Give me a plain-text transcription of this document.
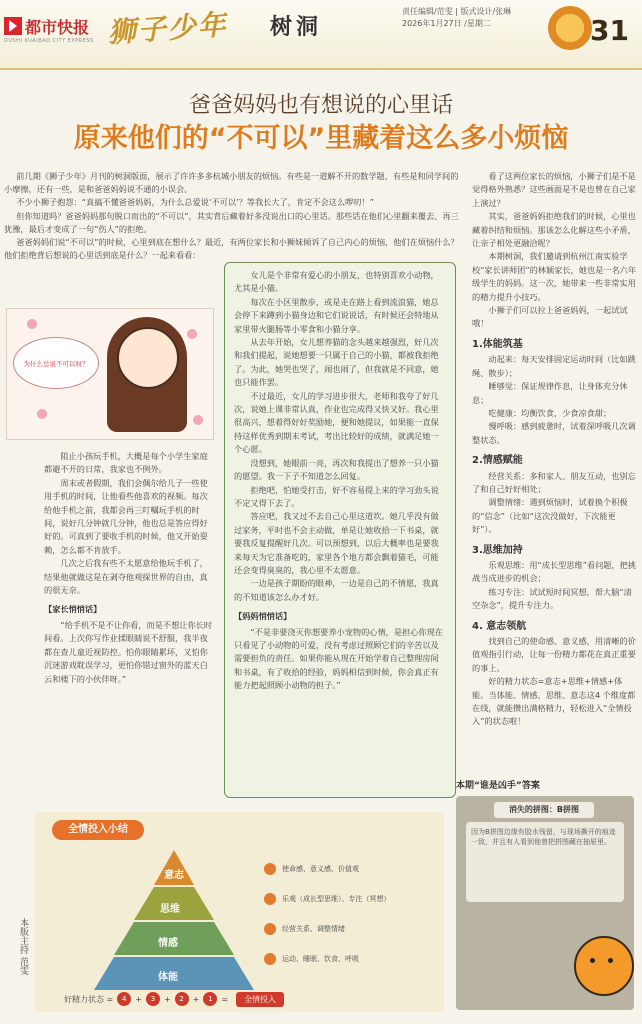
都市快报
DUSHI KUAIBAO CITY EXPRESS 狮子少年	树洞
责任编辑/范雯 | 版式设计/张琳
2026年1月27日 /星期二	31
爸爸妈妈也有想说的心里话
原来他们的“不可以”里藏着这么多小烦恼

前几期《狮子少年》月刊的树洞版面，展示了许许多多杭城小朋友的烦恼。有些是一道解不开的数学题，有些是和同学间的小摩擦，还有一些，是和爸爸妈妈说不通的小误会。

不少小狮子抱怨：“真搞不懂爸爸妈妈，为什么总爱说‘不可以’？等我长大了，肯定不会这么啰叨！”

但你知道吗？爸爸妈妈那句脱口而出的“不可以”，其实背后藏着好多没说出口的心里话。那些话在他们心里翻来覆去、再三犹豫，最后才变成了一句“伤人”的拒绝。

爸爸妈妈们说“不可以”的时候，心里到底在想什么？最近，有两位家长和小狮妹倾诉了自己内心的烦恼，他们在烦恼什么？他们拒绝背后想说的心里话到底是什么？一起来看看：

为什么总说不可以呀？

阻止小孩玩手机，大概是每个小学生家庭都避不开的日常，我家也不例外。

周末或者假期，我们会偶尔给儿子一些使用手机的时间，让他看些他喜欢的视频。每次给他手机之前，我都会再三叮嘱玩手机的时间，说好几分钟就几分钟，他也总是答应得好好的。可真到了要收手机的时候，他又开始耍赖，怎么都不肯放手。

几次之后我有些不太愿意给他玩手机了，结果他就做这是在剥夺他观探世界的自由，真的很无奈。

【家长悄悄话】

“给手机不是不让你看，而是不想让你长时间看。上次你写作业揉眼睛说不舒服，我半夜都在查儿童近视防控。怕你眼睛累坏，又怕你沉迷游戏耽误学习，更怕你错过窗外的蓝天白云和楼下的小伙伴呀。”

女儿是个非常有爱心的小朋友，也特别喜欢小动物，尤其是小猫。

每次在小区里散步，或是走在路上看到流浪猫，她总会停下来蹲到小猫身边和它们说说话，有时候还会特地从家里带火腿肠等小零食和小猫分享。

从去年开始，女儿想养猫的念头越来越强烈，好几次和我们提起，说她想要一只属于自己的小猫，都被我拒绝了。为此，她哭也哭了，闹也闹了，但我就是不同意，她也只能作罢。

不过最近，女儿的学习进步很大，老师和我夸了好几次，说她上课非常认真，作业也完成得又快又好。我心里很高兴，想着得好好奖励她，便和她提议，如果能一直保持这样优秀到期末考试，考出比较好的成绩，就满足她一个心愿。

没想到，她眼前一亮，再次和我提出了想养一只小猫的愿望。我一下子不知道怎么回复。

拒绝吧，怕她受打击，好不容易提上来的学习劲头说不定又得下去了。

答应吧，我又过不去自己心里这道坎。她几乎没有做过家务，平时也不会主动做，单是让她收拾一下书桌，就要我反复提醒好几次。可以预想到，以后大概率也是要我来每天为它准备吃的，家里各个地方都会飘着猫毛，可能还会变得臭臭的，我心里不太愿意。

一边是孩子期盼的眼神，一边是自己的不情愿，我真的不知道该怎么办才好。

【妈妈悄悄话】

“不是非要浇灭你想要养小宠物的心情，是担心你现在只看见了小动物的可爱，没有考虑过照顾它们的辛苦以及需要担负的责任。如果你能从现在开始学着自己整理房间和书桌，有了收拾的经验，妈妈相信到时候，你会真正有能力把起照顾小动物的担子。”

看了这两位家长的烦恼，小狮子们是不是觉得格外熟悉？这些画面是不是也曾在自己家上演过？

其实，爸爸妈妈拒绝我们的时候，心里也藏着纠结和烦恼。那该怎么化解这些小矛盾，让亲子相处更融洽呢？

本期树洞，我们邀请到杭州江南实验学校“家长讲师团”的林颖家长，她也是一名六年级学生的妈妈。这一次，她带来一些非常实用的精力提升小技巧。

小狮子们可以拉上爸爸妈妈，一起试试哦！

1.体能筑基

动起来：每天安排固定运动时间（比如跳绳、散步）；

睡够觉：保证规律作息，让身体充分休息；

吃健康：均衡饮食，少食凉食甜；

慢呼吸：感到疲惫时，试着深呼吸几次调整状态。

2.情感赋能

经营关系：多和家人、朋友互动，也别忘了和自己好好相处；

调整情绪：遇到烦恼时，试着换个积极的“信念”（比如“这次没做好，下次能更好”）。

3.思维加持

乐观思维：用“成长型思维”看问题，把挑战当成进步的机会；

练习专注：试试短时间冥想，帮大脑“清空杂念”，提升专注力。

4. 意志领航

找到自己的使命感、意义感，用清晰的价值观指引行动，让每一份精力都花在真正重要的事上。

好的精力状态=意志+思维+情感+体能。当体能、情感、思维、意志这4 个维度都在线，就能攒出满格精力，轻松进入“全情投入”的状态啦！

全情投入小结
意志
思维
情感
体能
使命感、意义感、价值观
乐观（成长型思维）、专注（冥想）
经营关系、调整情绪
运动、睡眠、饮食、呼吸
好精力状态 =	4	+	3	+	2	+	1	=	全情投入
本版主持 范雯
本期“谁是凶手”答案
消失的拼图：B拼图
因为B拼图边缘有胶水残留，与现场撕开的痕迹一致，并且有人看到他曾把拼图藏在抽屉里。
